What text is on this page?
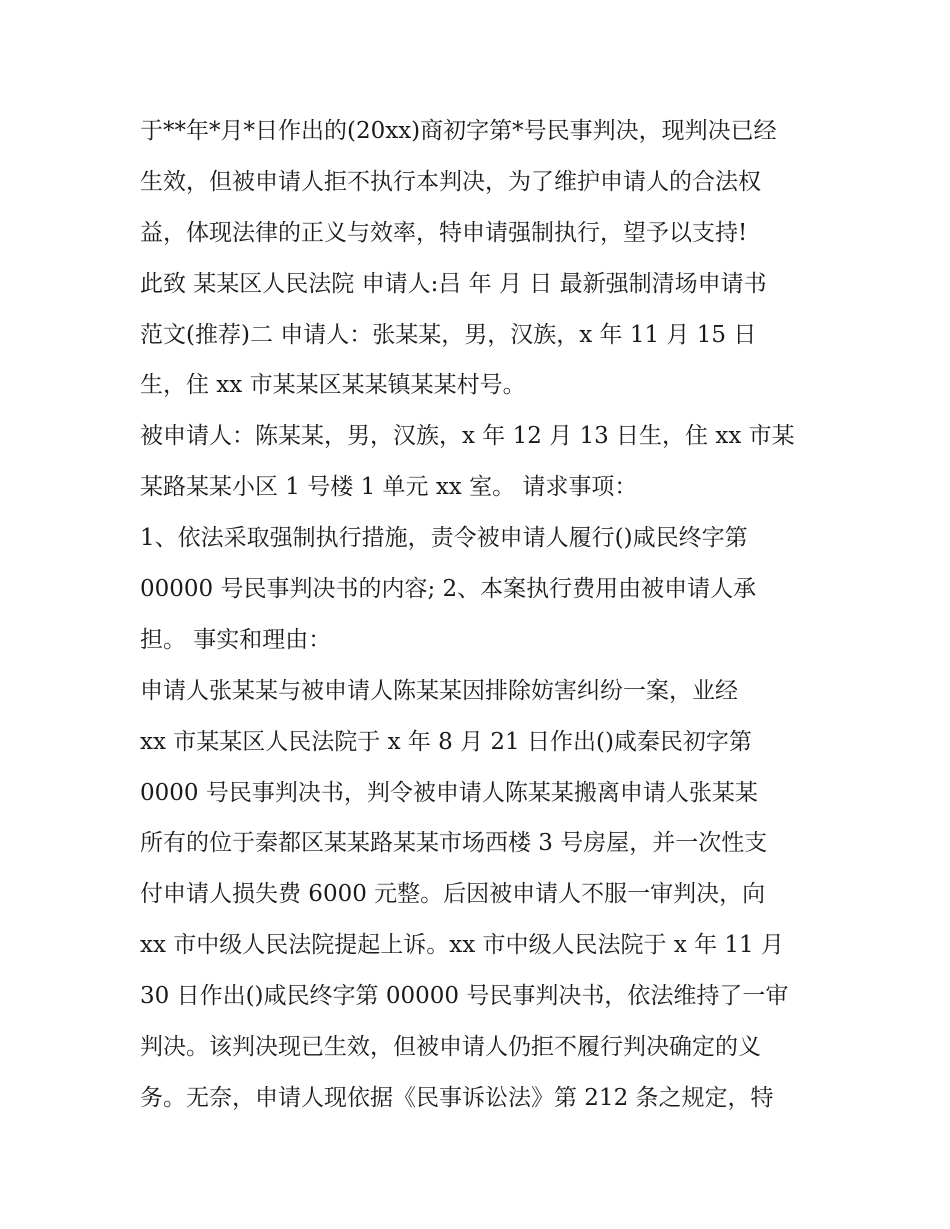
于**年*月*日作出的(20xx)商初字第*号民事判决，现判决已经
生效，但被申请人拒不执行本判决，为了维护申请人的合法权
益，体现法律的正义与效率，特申请强制执行，望予以支持!
此致 某某区人民法院 申请人:吕 年 月 日 最新强制清场申请书
范文(推荐)二 申请人：张某某，男，汉族，x 年 11 月 15 日
生，住 xx 市某某区某某镇某某村号。
被申请人：陈某某，男，汉族，x 年 12 月 13 日生，住 xx 市某
某路某某小区 1 号楼 1 单元 xx 室。 请求事项：
1、依法采取强制执行措施，责令被申请人履行()咸民终字第
00000 号民事判决书的内容; 2、本案执行费用由被申请人承
担。 事实和理由：
申请人张某某与被申请人陈某某因排除妨害纠纷一案，业经
xx 市某某区人民法院于 x 年 8 月 21 日作出()咸秦民初字第
0000 号民事判决书，判令被申请人陈某某搬离申请人张某某
所有的位于秦都区某某路某某市场西楼 3 号房屋，并一次性支
付申请人损失费 6000 元整。后因被申请人不服一审判决，向
xx 市中级人民法院提起上诉。xx 市中级人民法院于 x 年 11 月
30 日作出()咸民终字第 00000 号民事判决书，依法维持了一审
判决。该判决现已生效，但被申请人仍拒不履行判决确定的义
务。无奈，申请人现依据《民事诉讼法》第 212 条之规定，特
